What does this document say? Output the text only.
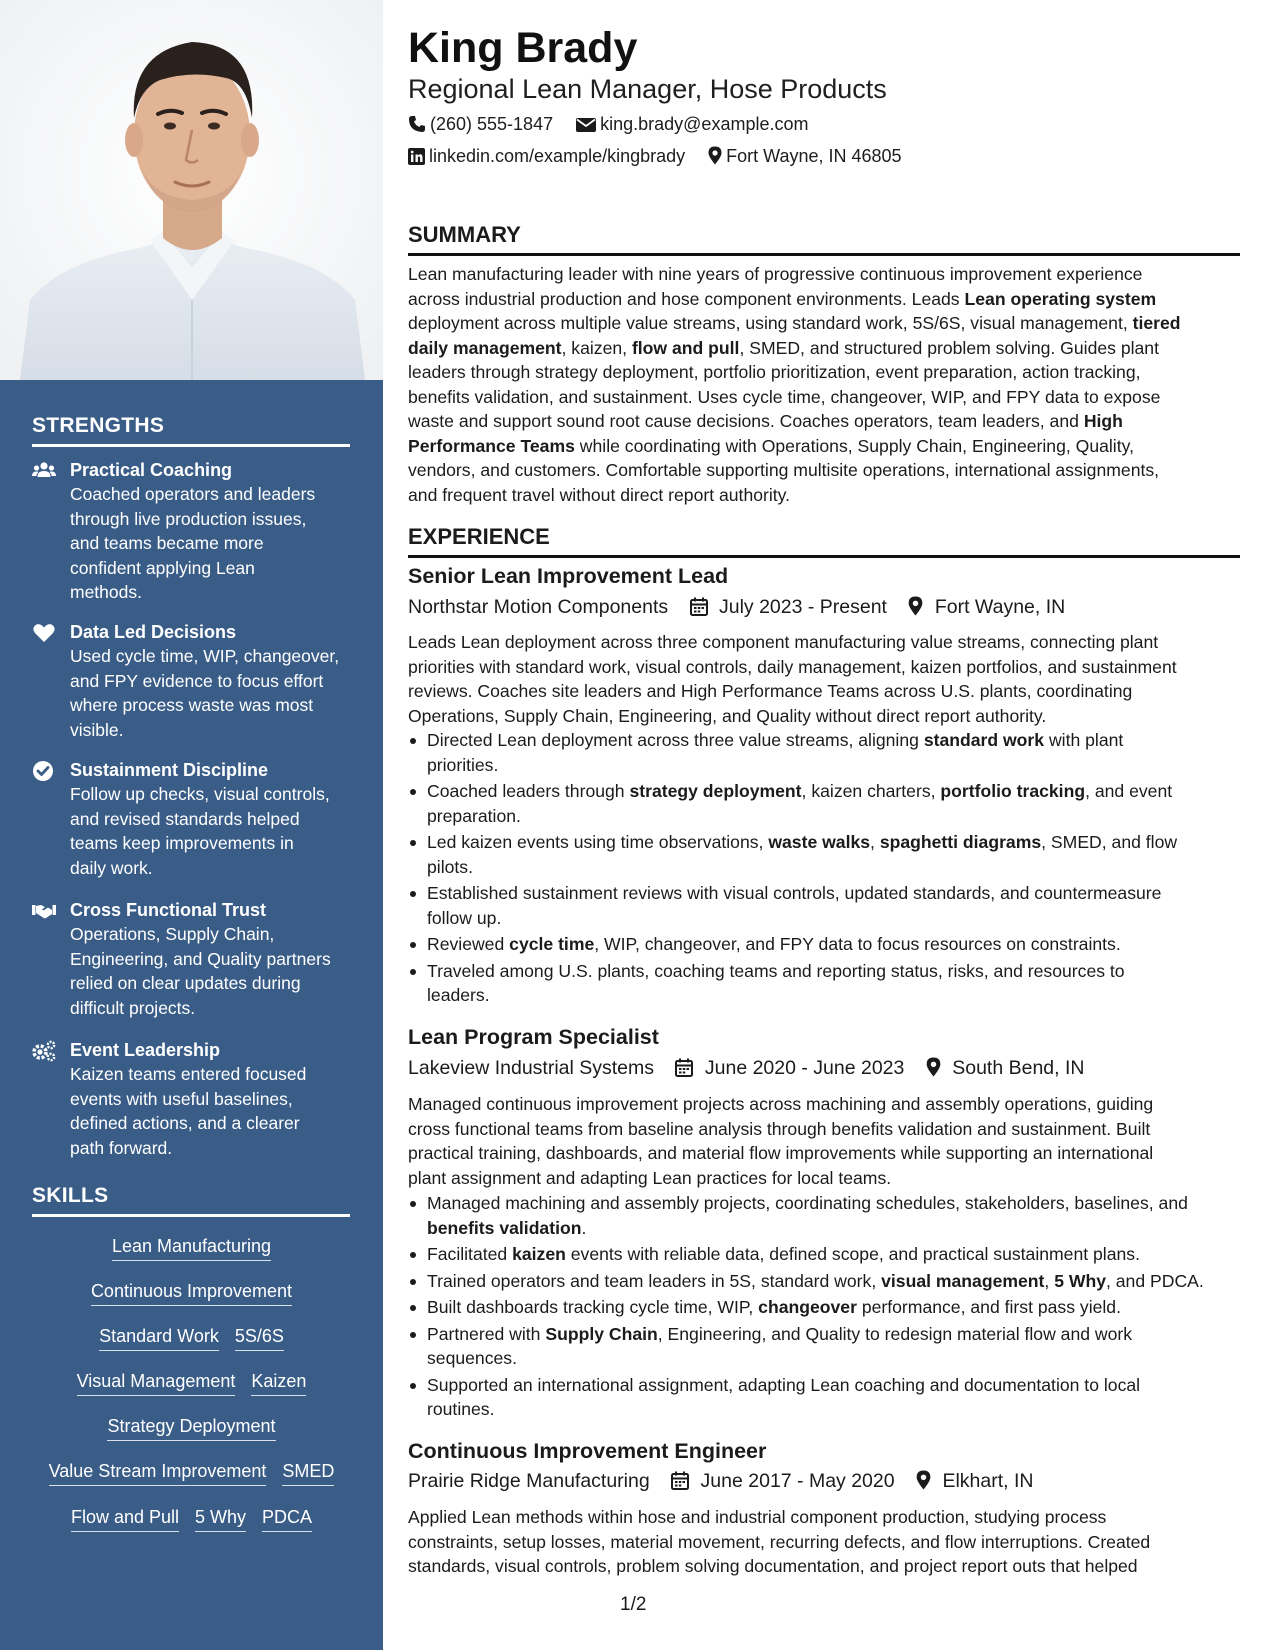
STRENGTHS
Practical Coaching
Coached operators and leaders
through live production issues,
and teams became more
confident applying Lean
methods.
Data Led Decisions
Used cycle time, WIP, changeover,
and FPY evidence to focus effort
where process waste was most
visible.
Sustainment Discipline
Follow up checks, visual controls,
and revised standards helped
teams keep improvements in
daily work.
Cross Functional Trust
Operations, Supply Chain,
Engineering, and Quality partners
relied on clear updates during
difficult projects.
Event Leadership
Kaizen teams entered focused
events with useful baselines,
defined actions, and a clearer
path forward.
SKILLS
Lean Manufacturing
Continuous Improvement
Standard Work 5S/6S
Visual Management Kaizen
Strategy Deployment
Value Stream Improvement SMED
Flow and Pull 5 Why PDCA
King Brady
Regional Lean Manager, Hose Products
(260) 555-1847	king.brady@example.com
linkedin.com/example/kingbrady Fort Wayne, IN 46805
SUMMARY
Lean manufacturing leader with nine years of progressive continuous improvement experience
across industrial production and hose component environments. Leads Lean operating system
deployment across multiple value streams, using standard work, 5S/6S, visual management, tiered
daily management, kaizen, flow and pull, SMED, and structured problem solving. Guides plant
leaders through strategy deployment, portfolio prioritization, event preparation, action tracking,
benefits validation, and sustainment. Uses cycle time, changeover, WIP, and FPY data to expose
waste and support sound root cause decisions. Coaches operators, team leaders, and High
Performance Teams while coordinating with Operations, Supply Chain, Engineering, Quality,
vendors, and customers. Comfortable supporting multisite operations, international assignments,
and frequent travel without direct report authority.
EXPERIENCE
Senior Lean Improvement Lead
Northstar Motion Components	July 2023 - Present Fort Wayne, IN
Leads Lean deployment across three component manufacturing value streams, connecting plant
priorities with standard work, visual controls, daily management, kaizen portfolios, and sustainment
reviews. Coaches site leaders and High Performance Teams across U.S. plants, coordinating
Operations, Supply Chain, Engineering, and Quality without direct report authority.
Directed Lean deployment across three value streams, aligning standard work with plant
priorities.
Coached leaders through strategy deployment, kaizen charters, portfolio tracking, and event
preparation.
Led kaizen events using time observations, waste walks, spaghetti diagrams, SMED, and flow
pilots.
Established sustainment reviews with visual controls, updated standards, and countermeasure
follow up.
Reviewed cycle time, WIP, changeover, and FPY data to focus resources on constraints.
Traveled among U.S. plants, coaching teams and reporting status, risks, and resources to
leaders.
Lean Program Specialist
Lakeview Industrial Systems	June 2020 - June 2023 South Bend, IN
Managed continuous improvement projects across machining and assembly operations, guiding
cross functional teams from baseline analysis through benefits validation and sustainment. Built
practical training, dashboards, and material flow improvements while supporting an international
plant assignment and adapting Lean practices for local teams.
Managed machining and assembly projects, coordinating schedules, stakeholders, baselines, and
benefits validation.
Facilitated kaizen events with reliable data, defined scope, and practical sustainment plans.
Trained operators and team leaders in 5S, standard work, visual management, 5 Why, and PDCA.
Built dashboards tracking cycle time, WIP, changeover performance, and first pass yield.
Partnered with Supply Chain, Engineering, and Quality to redesign material flow and work
sequences.
Supported an international assignment, adapting Lean coaching and documentation to local
routines.
Continuous Improvement Engineer
Prairie Ridge Manufacturing	June 2017 - May 2020 Elkhart, IN
Applied Lean methods within hose and industrial component production, studying process
constraints, setup losses, material movement, recurring defects, and flow interruptions. Created
standards, visual controls, problem solving documentation, and project report outs that helped
1/2
